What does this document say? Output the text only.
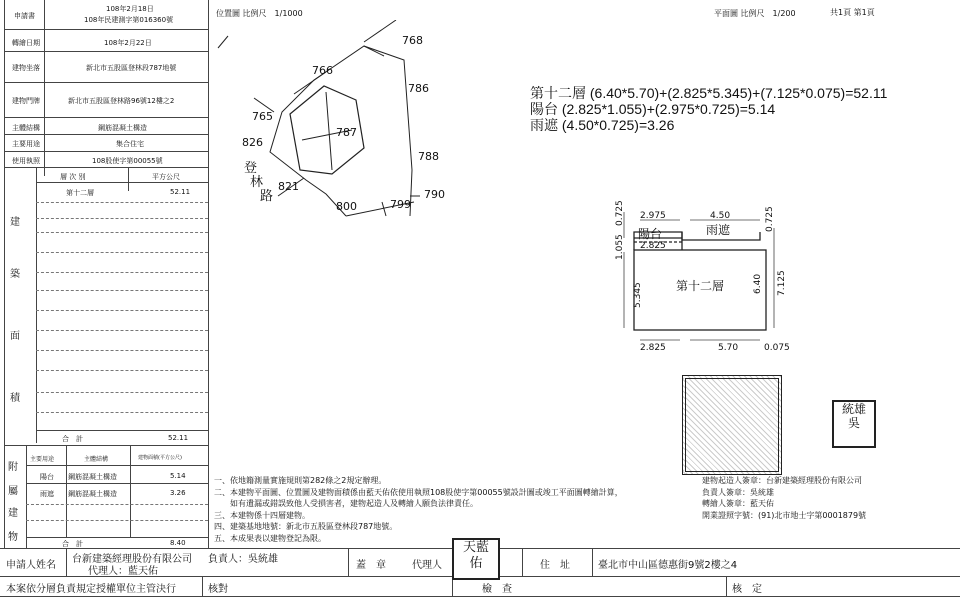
申請書
108年2月18日
108年民建測字第016360號
轉繪日期	108年2月22日
建物坐落	新北市五股區登林段787地號
建物門牌	新北市五股區登林路96號12樓之2
主體結構	鋼筋混凝土構造
主要用途	集合住宅
使用執照	108股使字第00055號
層 次 別	平方公尺
第十二層	52.11
建
築
面
積
合　計	52.11
主要用途	主體結構	建物面積(平方公尺)
陽台 鋼筋混凝土構造	5.14
雨遮 鋼筋混凝土構造	3.26
合　計	8.40
附
屬
建
物
位置圖 比例尺　1/1000
768
766
786
765
787
826
788
821
800	799
790
登
林
路
平面圖 比例尺　1/200	共1頁 第1頁
第十二層 (6.40*5.70)+(2.825*5.345)+(7.125*0.075)=52.11
陽台 (2.825*1.055)+(2.975*0.725)=5.14
雨遮 (4.50*0.725)=3.26
2.975	4.50
2.825
2.825	5.70	0.075
0.725
1.055
5.345
0.725
6.40 7.125
陽台	雨遮
第十二層
一、依地籍測量實施規則第282條之2規定辦理。
二、本建物平面圖、位置圖及建物面積係由藍天佑依使用執照108股使字第00055號設計圖或竣工平面圖轉繪計算，
　　如有遺漏或錯誤致他人受損害者，建物起造人及轉繪人願負法律責任。
三、本建物係十四層建物。
四、建築基地地號：新北市五股區登林段787地號。
五、本成果表以建物登記為限。
統雄
吳
建物起造人簽章：台新建築經理股份有限公司
負責人簽章：吳統雄
轉繪人簽章：藍天佑
開業證照字號：(91)北市地士字第0001879號
申請人姓名
台新建築經理股份有限公司 負責人：吳統雄
代理人：藍天佑
蓋　章	代理人
天藍
佑	住　址	臺北市中山區德惠街9號2樓之4
本案依分層負責規定授權單位主管決行	核對	檢　查	核　定
